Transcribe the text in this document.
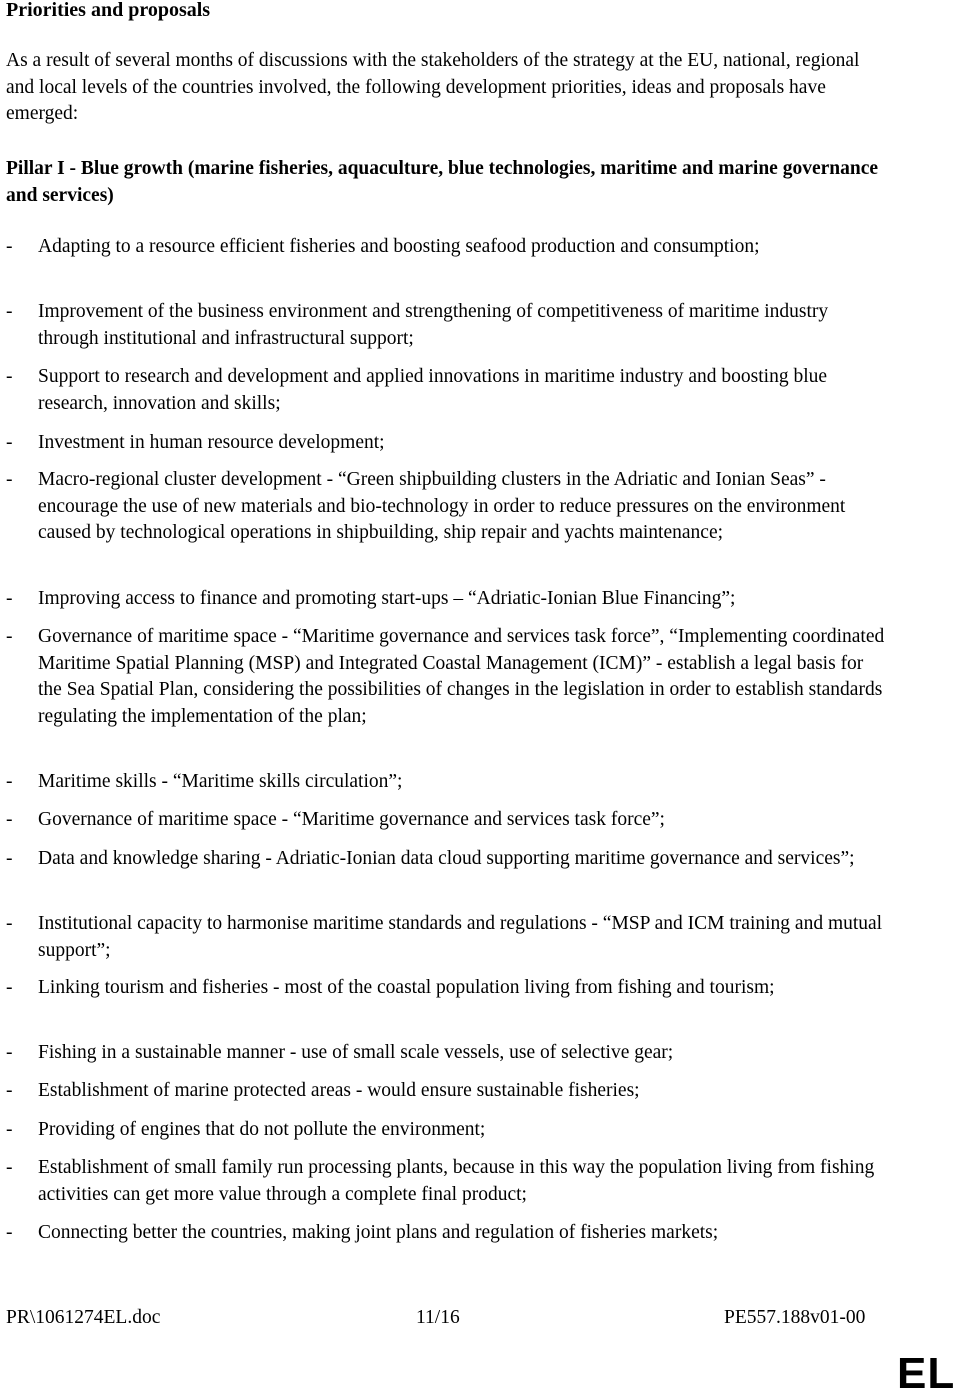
Priorities and proposals

As a result of several months of discussions with the stakeholders of the strategy at the EU, national, regional and local levels of the countries involved, the following development priorities, ideas and proposals have emerged:

Pillar I - Blue growth (marine fisheries, aquaculture, blue technologies, maritime and marine governance and services)

- Adapting to a resource efficient fisheries and boosting seafood production and consumption;
- Improvement of the business environment and strengthening of competitiveness of maritime industry through institutional and infrastructural support;
- Support to research and development and applied innovations in maritime industry and boosting blue research, innovation and skills;
- Investment in human resource development;
- Macro-regional cluster development - “Green shipbuilding clusters in the Adriatic and Ionian Seas” - encourage the use of new materials and bio-technology in order to reduce pressures on the environment caused by technological operations in shipbuilding, ship repair and yachts maintenance;
- Improving access to finance and promoting start-ups – “Adriatic-Ionian Blue Financing”;
- Governance of maritime space - “Maritime governance and services task force”, “Implementing coordinated Maritime Spatial Planning (MSP) and Integrated Coastal Management (ICM)” - establish a legal basis for the Sea Spatial Plan, considering the possibilities of changes in the legislation in order to establish standards regulating the implementation of the plan;
- Maritime skills - “Maritime skills circulation”;
- Governance of maritime space - “Maritime governance and services task force”;
- Data and knowledge sharing - Adriatic-Ionian data cloud supporting maritime governance and services”;
- Institutional capacity to harmonise maritime standards and regulations - “MSP and ICM training and mutual support”;
- Linking tourism and fisheries - most of the coastal population living from fishing and tourism;
- Fishing in a sustainable manner - use of small scale vessels, use of selective gear;
- Establishment of marine protected areas - would ensure sustainable fisheries;
- Providing of engines that do not pollute the environment;
- Establishment of small family run processing plants, because in this way the population living from fishing activities can get more value through a complete final product;
- Connecting better the countries, making joint plans and regulation of fisheries markets;
PR\1061274EL.doc	11/16	PE557.188v01-00
EL
